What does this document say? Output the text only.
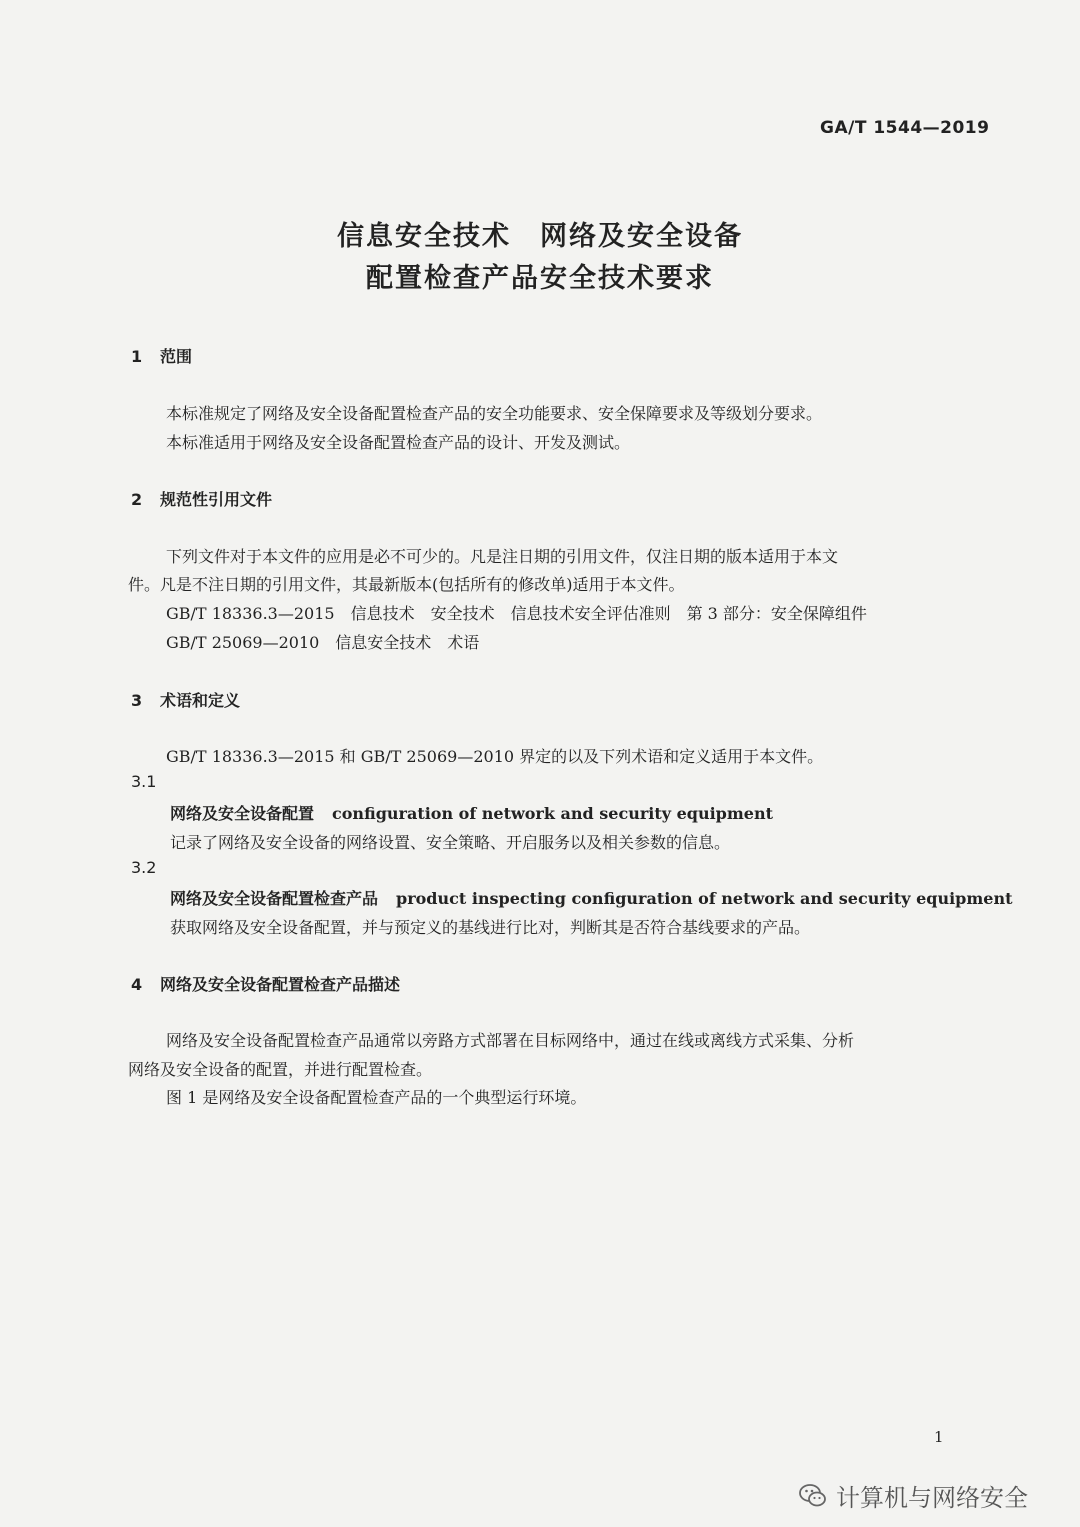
GA/T 1544—2019
信息安全技术　网络及安全设备
配置检查产品安全技术要求
1 范围
本标准规定了网络及安全设备配置检查产品的安全功能要求、安全保障要求及等级划分要求。
本标准适用于网络及安全设备配置检查产品的设计、开发及测试。
2 规范性引用文件
下列文件对于本文件的应用是必不可少的。凡是注日期的引用文件，仅注日期的版本适用于本文
件。凡是不注日期的引用文件，其最新版本(包括所有的修改单)适用于本文件。
GB/T 18336.3—2015　信息技术　安全技术　信息技术安全评估准则　第 3 部分：安全保障组件
GB/T 25069—2010　信息安全技术　术语
3 术语和定义
GB/T 18336.3—2015 和 GB/T 25069—2010 界定的以及下列术语和定义适用于本文件。
3.1
网络及安全设备配置 configuration of network and security equipment
记录了网络及安全设备的网络设置、安全策略、开启服务以及相关参数的信息。
3.2
网络及安全设备配置检查产品 product inspecting configuration of network and security equipment
获取网络及安全设备配置，并与预定义的基线进行比对，判断其是否符合基线要求的产品。
4 网络及安全设备配置检查产品描述
网络及安全设备配置检查产品通常以旁路方式部署在目标网络中，通过在线或离线方式采集、分析
网络及安全设备的配置，并进行配置检查。
图 1 是网络及安全设备配置检查产品的一个典型运行环境。
1
计算机与网络安全
